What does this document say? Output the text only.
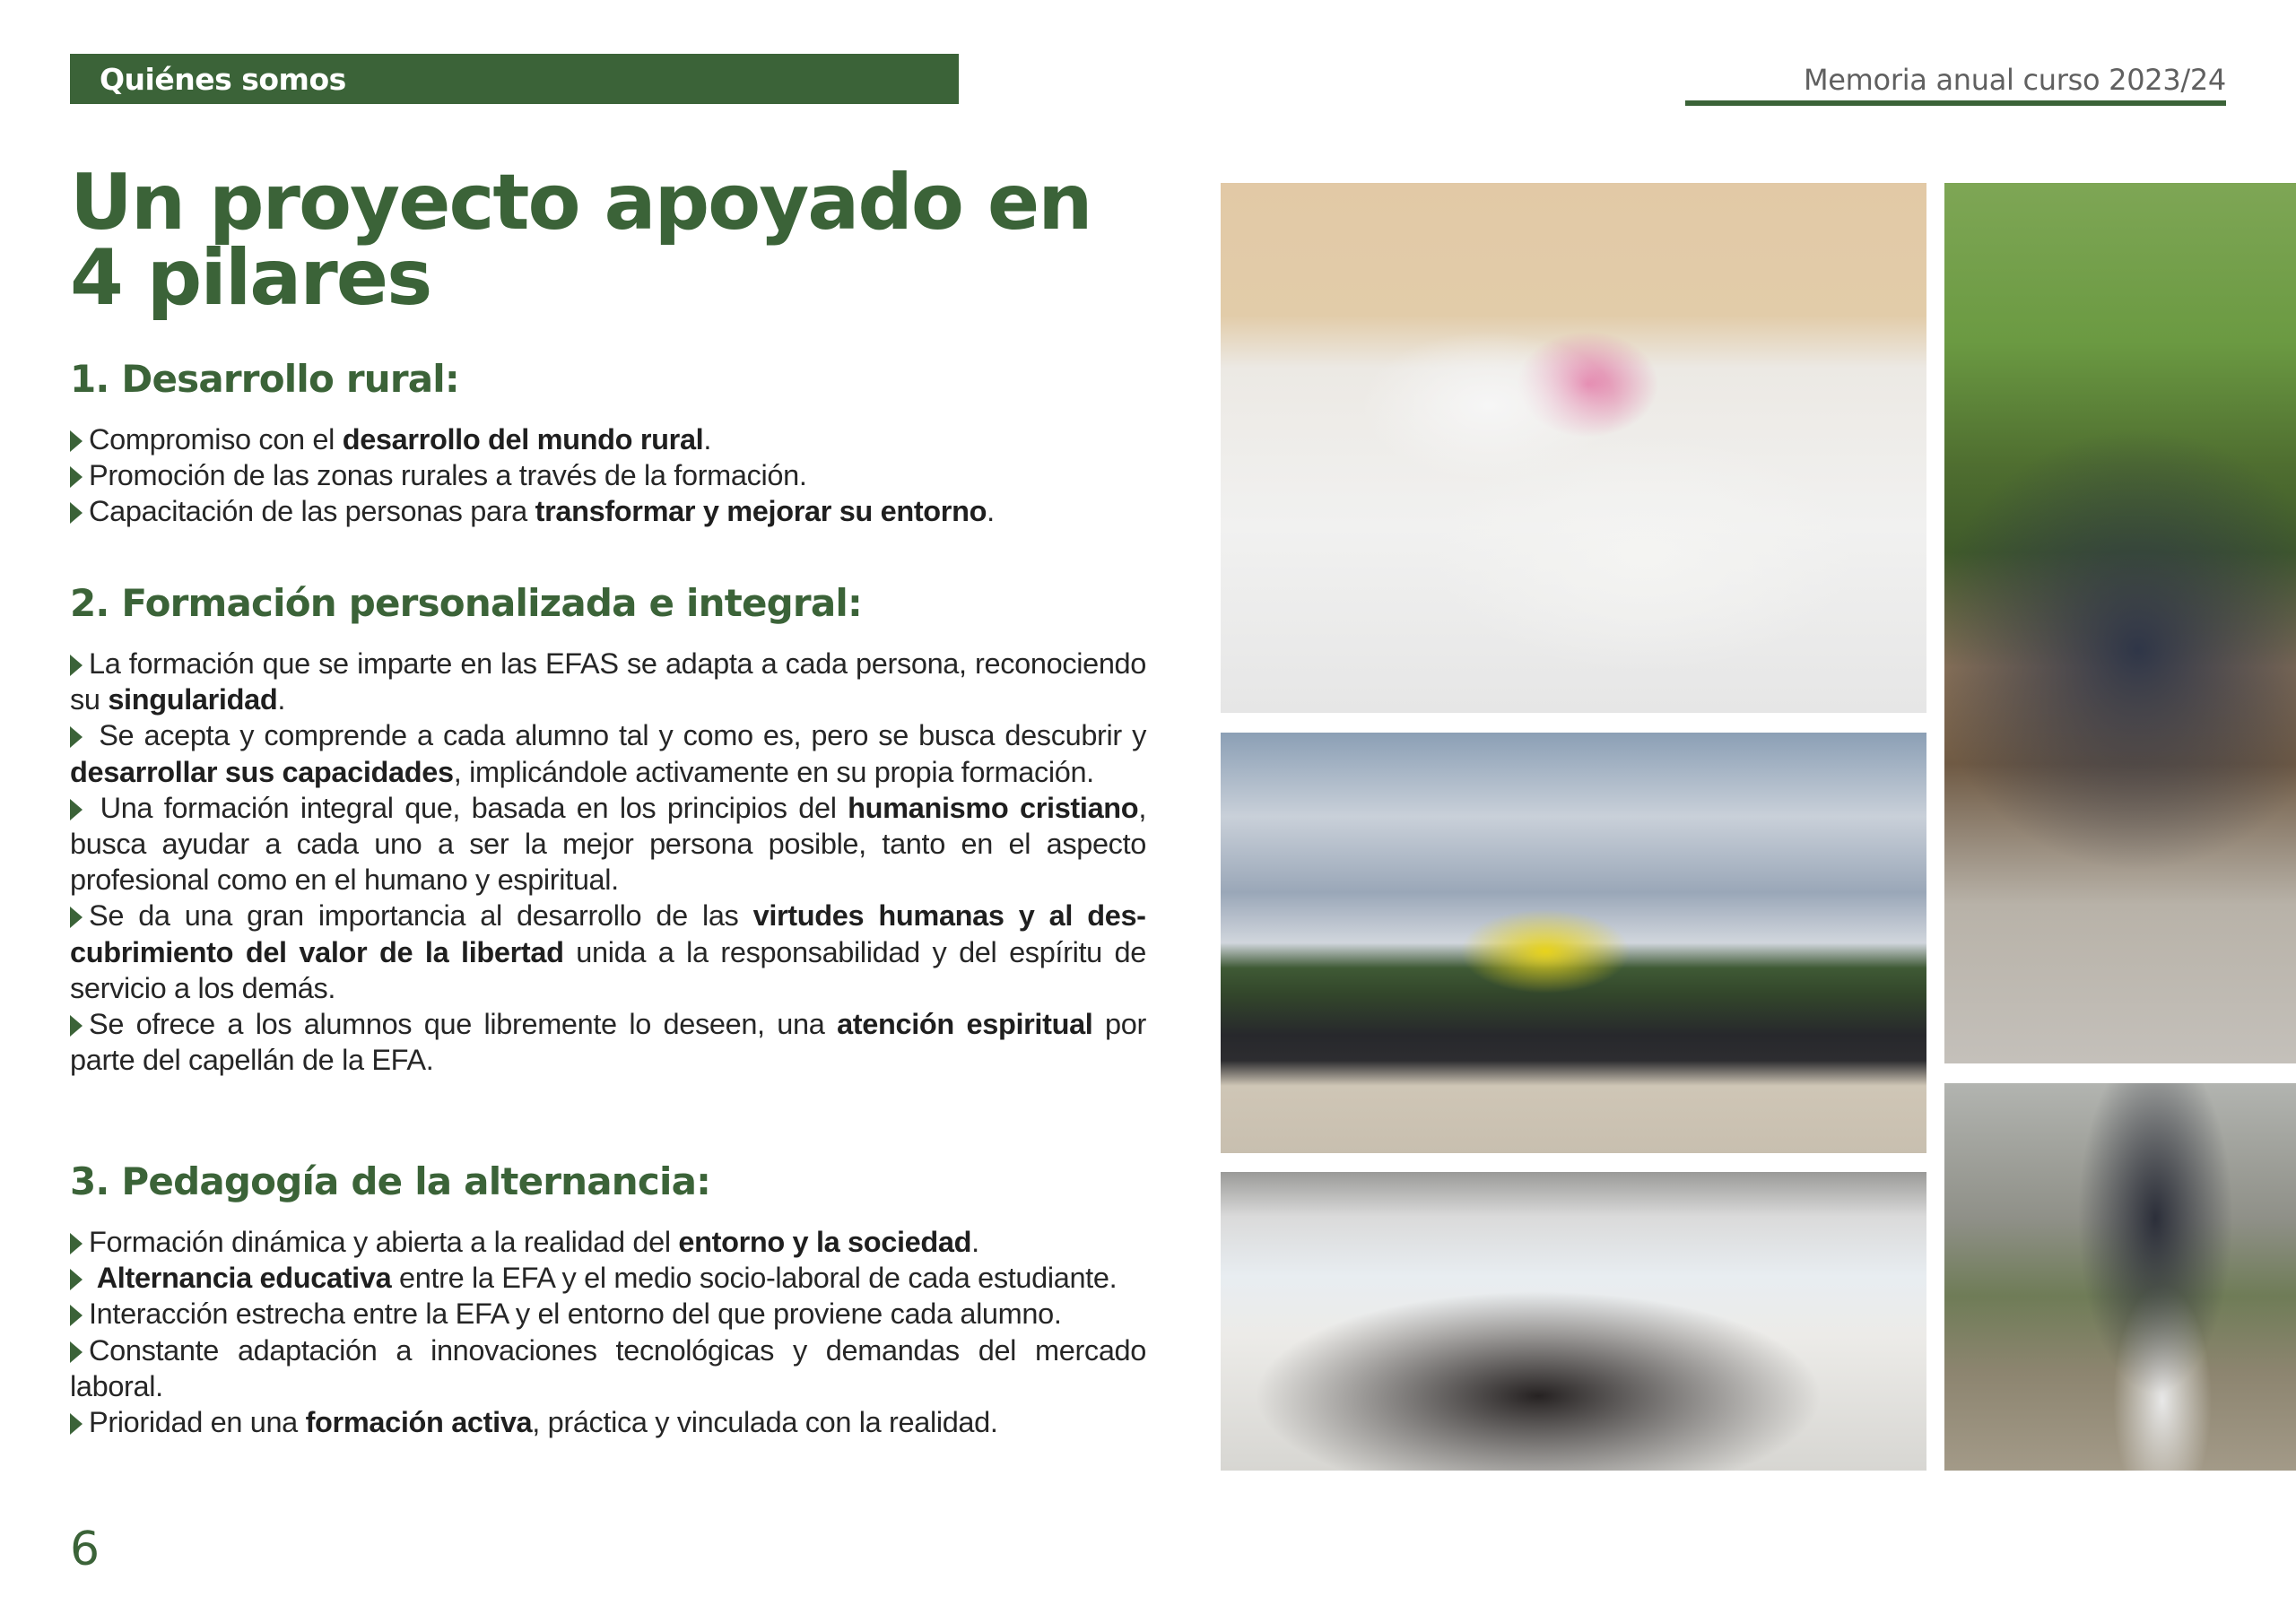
Quiénes somos	Memoria anual curso 2023/24
Un proyecto apoyado en 4 pilares
1. Desarrollo rural:
Compromiso con el desarrollo del mundo rural.
Promoción de las zonas rurales a través de la formación.
Capacitación de las personas para transformar y mejorar su entorno.
2. Formación personalizada e integral:
La formación que se imparte en las EFAS se adapta a cada persona, reconociendo su singularidad.
Se acepta y comprende a cada alumno tal y como es, pero se busca descubrir y desarrollar sus capacidades, implicándole activamente en su propia formación.
Una formación integral que, basada en los principios del humanismo cristiano, busca ayudar a cada uno a ser la mejor persona posible, tanto en el aspecto profesional como en el humano y espiritual.
Se da una gran importancia al desarrollo de las virtudes humanas y al descubrimiento del valor de la libertad unida a la responsabilidad y del espíritu de servicio a los demás.
Se ofrece a los alumnos que libremente lo deseen, una atención espiritual por parte del capellán de la EFA.
3. Pedagogía de la alternancia:
Formación dinámica y abierta a la realidad del entorno y la sociedad.
Alternancia educativa entre la EFA y el medio socio-laboral de cada estudiante.
Interacción estrecha entre la EFA y el entorno del que proviene cada alumno.
Constante adaptación a innovaciones tecnológicas y demandas del mercado laboral.
Prioridad en una formación activa, práctica y vinculada con la realidad.
6
